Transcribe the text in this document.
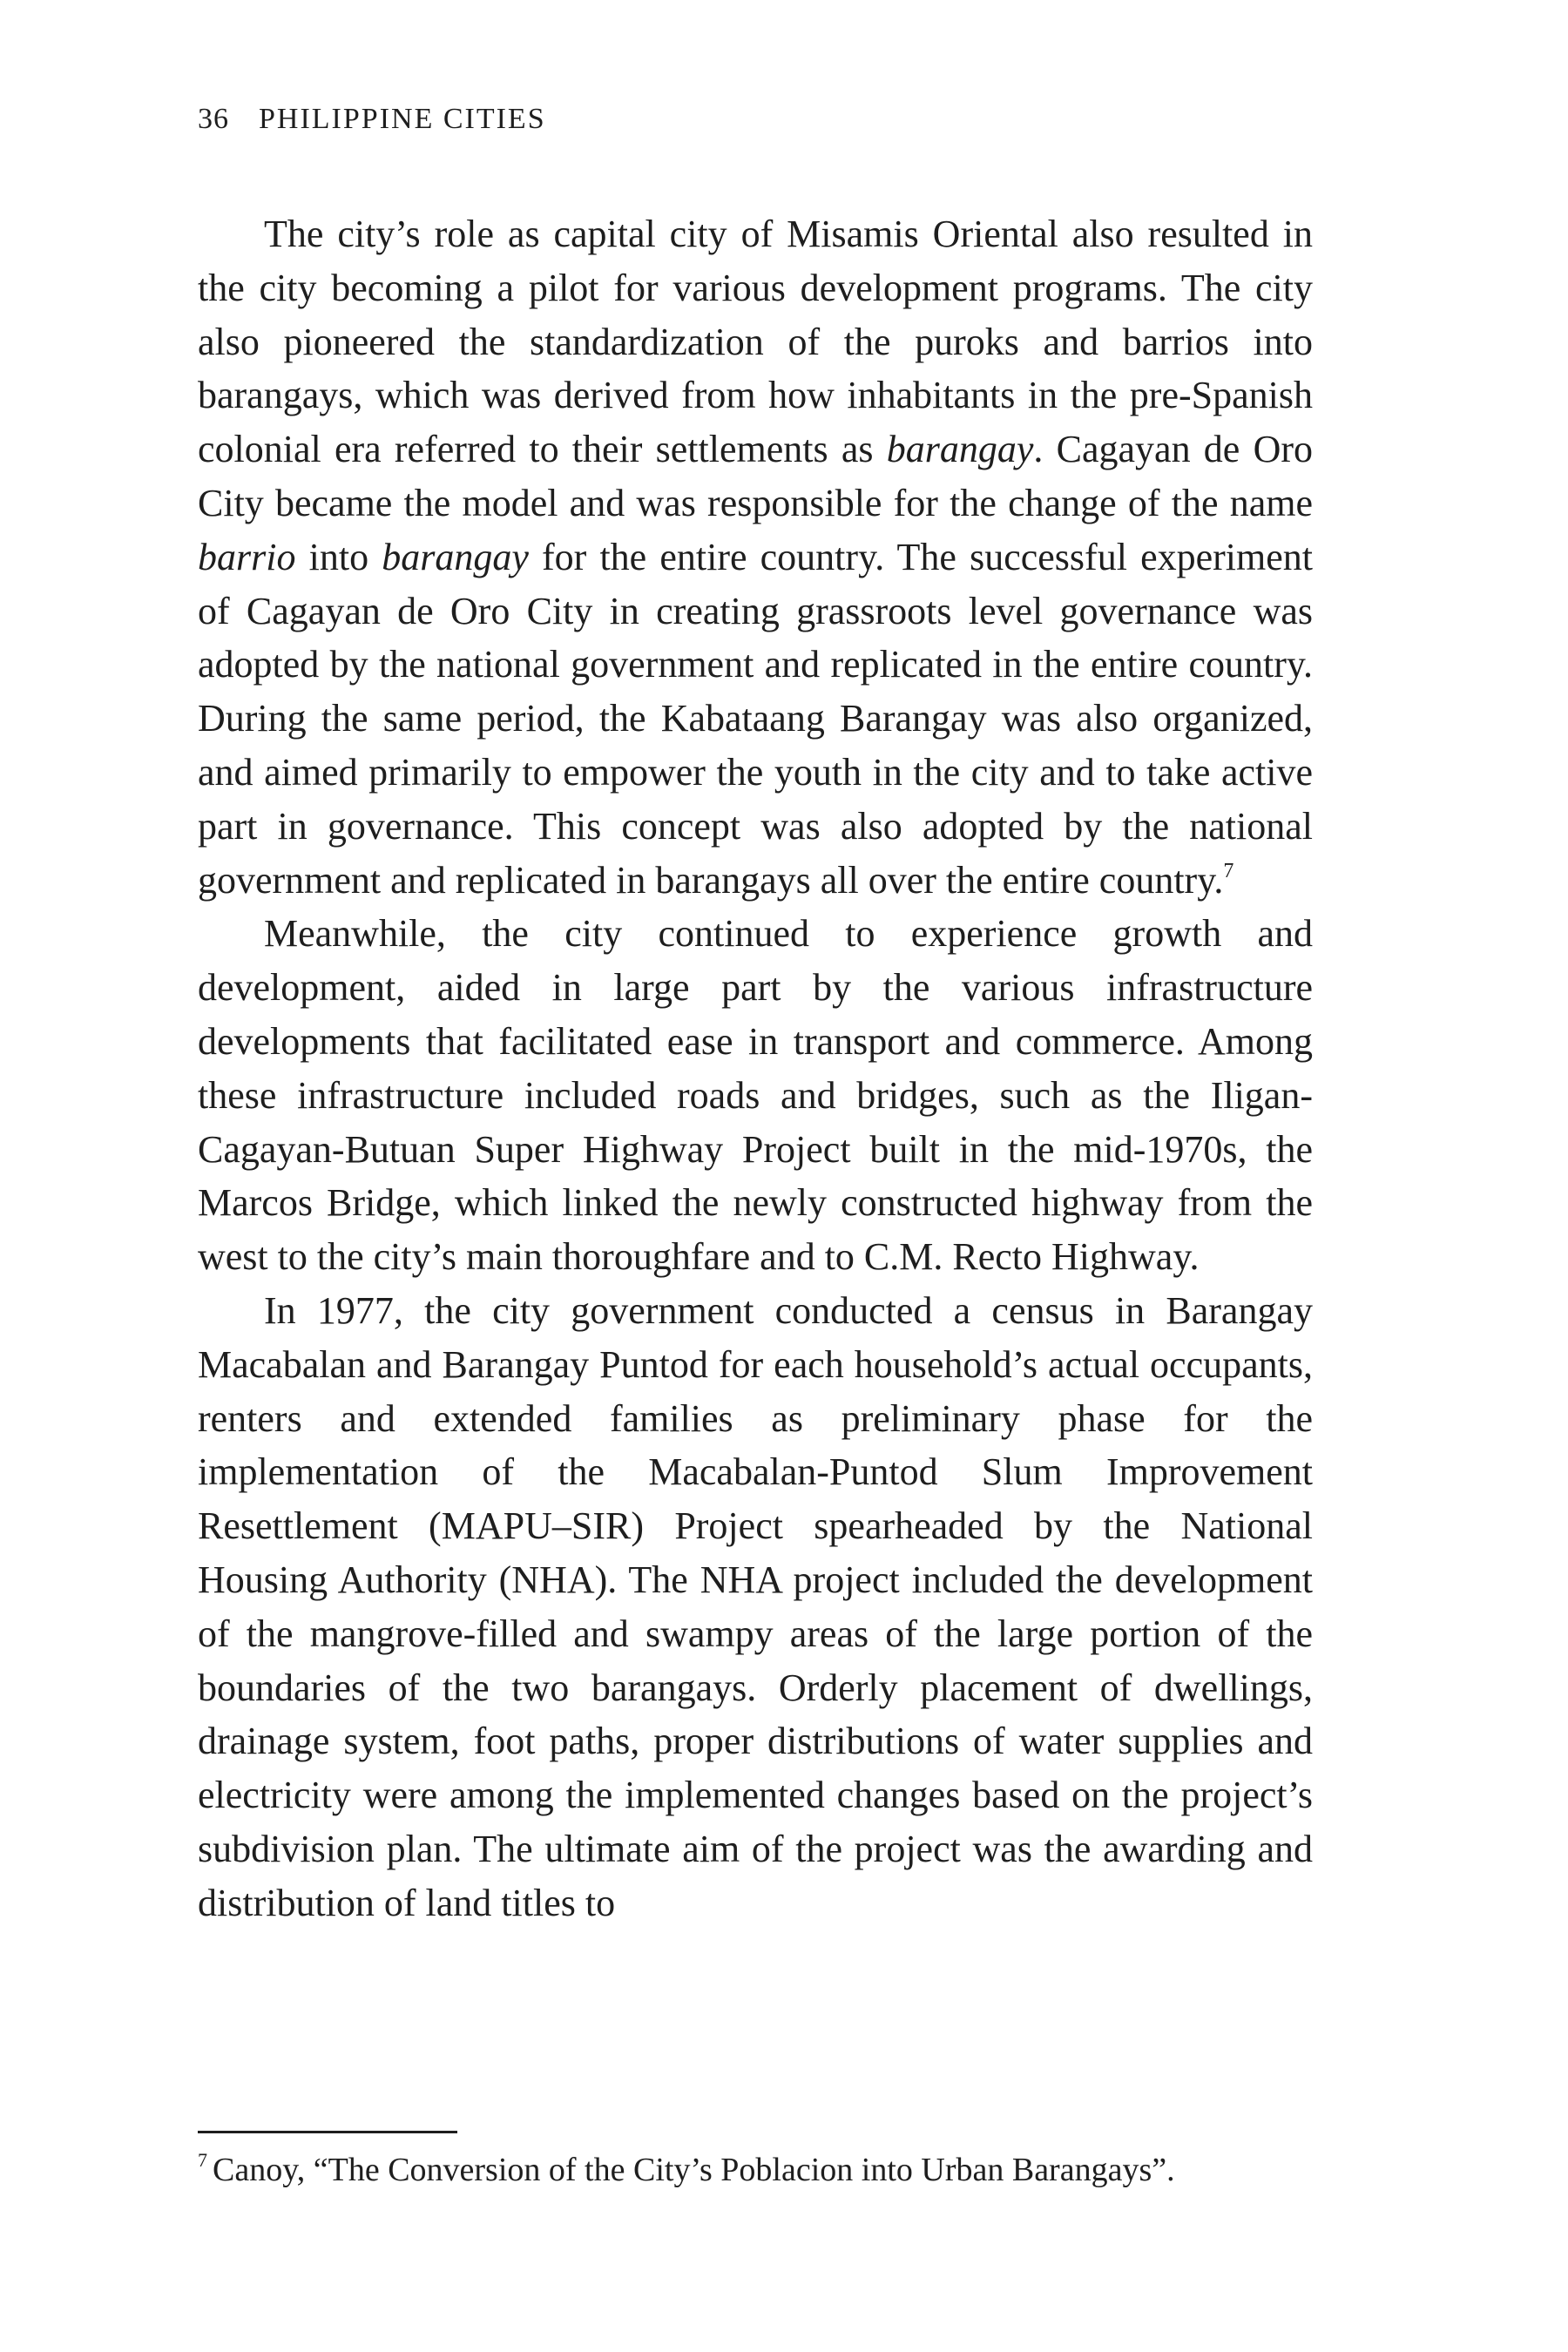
36 PHILIPPINE CITIES

The city’s role as capital city of Misamis Oriental also resulted in the city becoming a pilot for various development programs. The city also pioneered the standardization of the puroks and barrios into barangays, which was derived from how inhabitants in the pre-Spanish colonial era referred to their settlements as barangay. Cagayan de Oro City became the model and was responsible for the change of the name barrio into barangay for the entire country. The successful experiment of Cagayan de Oro City in creating grassroots level governance was adopted by the national government and replicated in the entire country. During the same period, the Kabataang Barangay was also organized, and aimed primarily to empower the youth in the city and to take active part in governance. This concept was also adopted by the national government and replicated in barangays all over the entire country.$^7$

Meanwhile, the city continued to experience growth and development, aided in large part by the various infrastructure developments that facilitated ease in transport and commerce. Among these infrastructure included roads and bridges, such as the Iligan-Cagayan-Butuan Super Highway Project built in the mid-1970s, the Marcos Bridge, which linked the newly constructed highway from the west to the city’s main thoroughfare and to C.M. Recto Highway.

In 1977, the city government conducted a census in Barangay Macabalan and Barangay Puntod for each household’s actual occupants, renters and extended families as preliminary phase for the implementation of the Macabalan-Puntod Slum Improvement Resettlement (MAPU–SIR) Project spearheaded by the National Housing Authority (NHA). The NHA project included the development of the mangrove-filled and swampy areas of the large portion of the boundaries of the two barangays. Orderly placement of dwellings, drainage system, foot paths, proper distributions of water supplies and electricity were among the implemented changes based on the project’s subdivision plan. The ultimate aim of the project was the awarding and distribution of land titles to

$^7$ Canoy, “The Conversion of the City’s Poblacion into Urban Barangays”.
